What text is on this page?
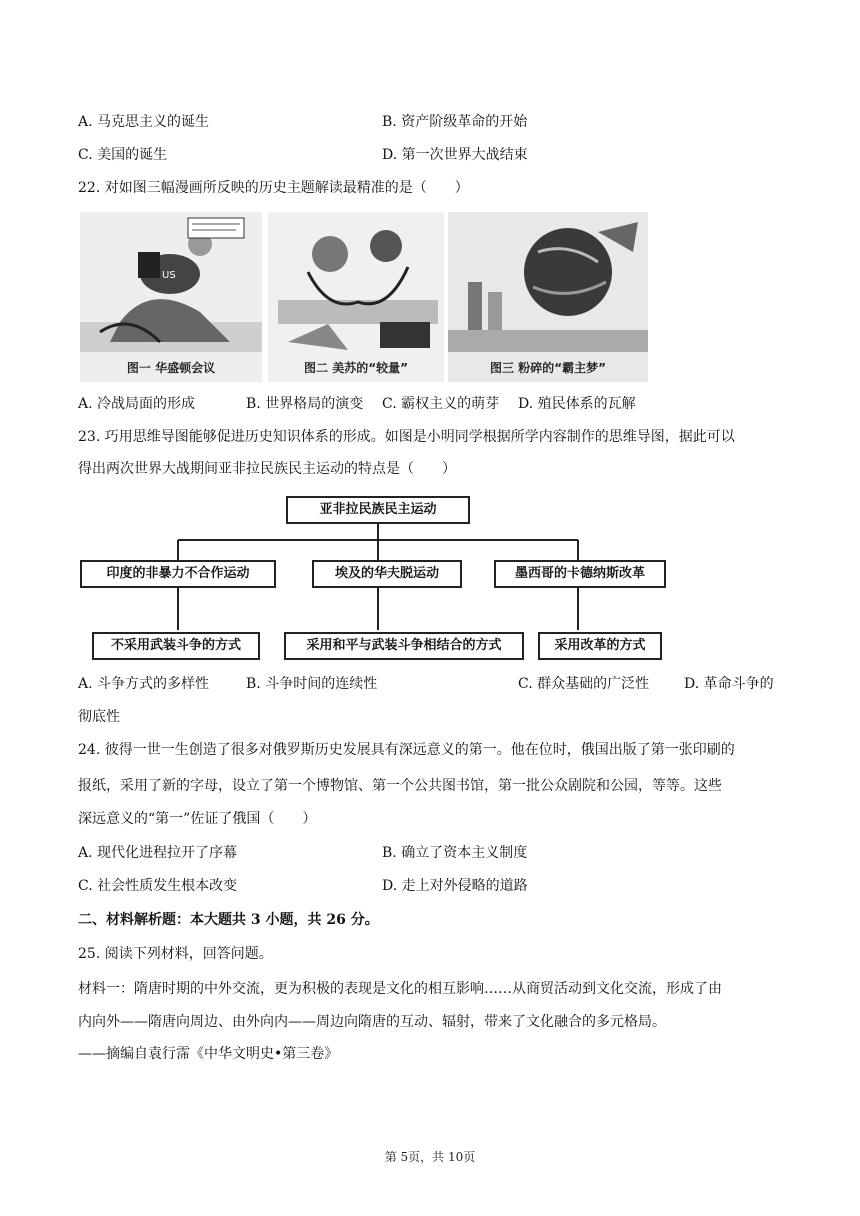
A. 马克思主义的诞生	B. 资产阶级革命的开始
C. 美国的诞生	D. 第一次世界大战结束
22. 对如图三幅漫画所反映的历史主题解读最精准的是（　　）
US
图一 华盛顿会议	图二 美苏的“较量”	图三 粉碎的“霸主梦”
A. 冷战局面的形成	B. 世界格局的演变 C. 霸权主义的萌芽 D. 殖民体系的瓦解
23. 巧用思维导图能够促进历史知识体系的形成。如图是小明同学根据所学内容制作的思维导图，据此可以
得出两次世界大战期间亚非拉民族民主运动的特点是（　　）
亚非拉民族民主运动
印度的非暴力不合作运动	埃及的华夫脱运动	墨西哥的卡德纳斯改革
不采用武装斗争的方式	采用和平与武装斗争相结合的方式	采用改革的方式
A. 斗争方式的多样性	B. 斗争时间的连续性	C. 群众基础的广泛性 D. 革命斗争的
彻底性
24. 彼得一世一生创造了很多对俄罗斯历史发展具有深远意义的第一。他在位时，俄国出版了第一张印刷的
报纸，采用了新的字母，设立了第一个博物馆、第一个公共图书馆，第一批公众剧院和公园，等等。这些
深远意义的“第一”佐证了俄国（　　）
A. 现代化进程拉开了序幕	B. 确立了资本主义制度
C. 社会性质发生根本改变	D. 走上对外侵略的道路
二、材料解析题：本大题共 3 小题，共 26 分。
25. 阅读下列材料，回答问题。
材料一：隋唐时期的中外交流，更为积极的表现是文化的相互影响……从商贸活动到文化交流，形成了由
内向外——隋唐向周边、由外向内——周边向隋唐的互动、辐射，带来了文化融合的多元格局。
——摘编自袁行霈《中华文明史•第三卷》
第 5页，共 10页
